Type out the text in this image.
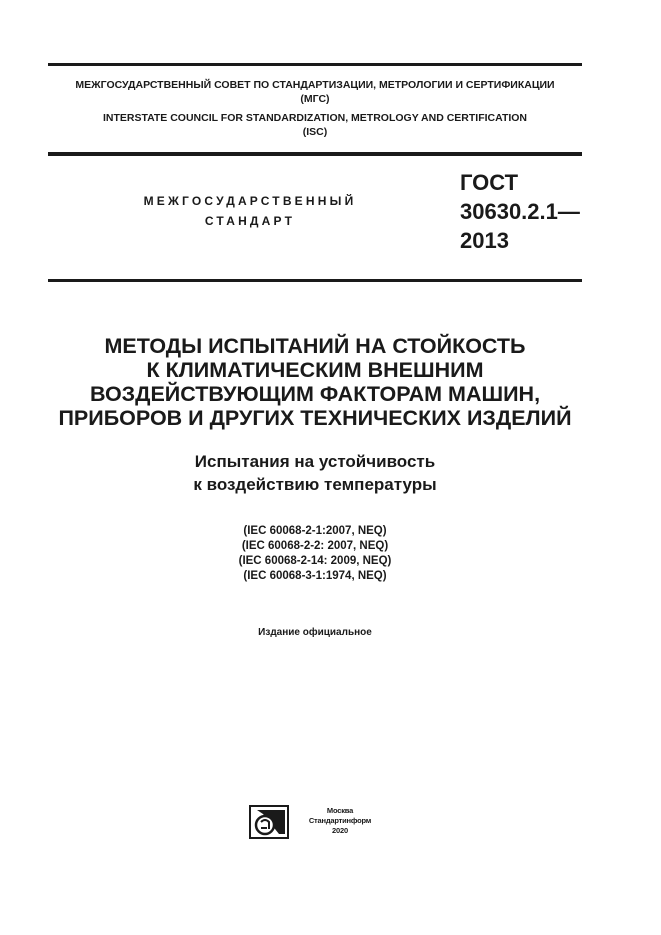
МЕЖГОСУДАРСТВЕННЫЙ СОВЕТ ПО СТАНДАРТИЗАЦИИ, МЕТРОЛОГИИ И СЕРТИФИКАЦИИ
(МГС)
INTERSTATE COUNCIL FOR STANDARDIZATION, METROLOGY AND CERTIFICATION
(ISC)
МЕЖГОСУДАРСТВЕННЫЙ
СТАНДАРТ
ГОСТ
30630.2.1—
2013
МЕТОДЫ ИСПЫТАНИЙ НА СТОЙКОСТЬ
К КЛИМАТИЧЕСКИМ ВНЕШНИМ
ВОЗДЕЙСТВУЮЩИМ ФАКТОРАМ МАШИН,
ПРИБОРОВ И ДРУГИХ ТЕХНИЧЕСКИХ ИЗДЕЛИЙ
Испытания на устойчивость
к воздействию температуры
(IEC 60068-2-1:2007, NEQ)
(IEC 60068-2-2: 2007, NEQ)
(IEC 60068-2-14: 2009, NEQ)
(IEC 60068-3-1:1974, NEQ)
Издание официальное
Москва
Стандартинформ
2020
